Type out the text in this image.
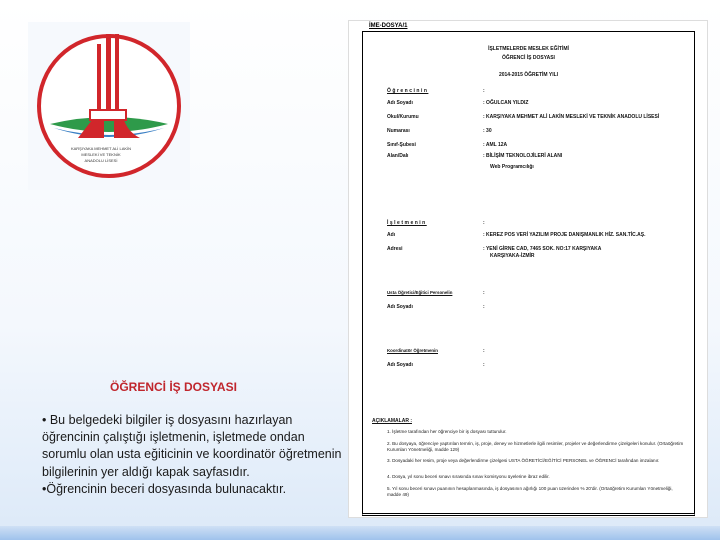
KARŞIYAKA MEHMET ALİ LAKİN
MESLEKİ VE TEKNİK
ANADOLU LİSESİ
ÖĞRENCİ İŞ DOSYASI
• Bu belgedeki bilgiler iş dosyasını hazırlayan öğrencinin çalıştığı işletmenin, işletmede ondan sorumlu olan usta eğiticinin ve koordinatör öğretmenin bilgilerinin yer aldığı kapak sayfasıdır.
•Öğrencinin beceri dosyasında bulunacaktır.
İME-DOSYA/1
İŞLETMELERDE MESLEK EĞİTİMİ
ÖĞRENCİ İŞ DOSYASI
2014-2015 ÖĞRETİM YILI
Öğrencinin	:
Adı Soyadı	: OĞULCAN YILDIZ
Okul/Kurumu	: KARŞIYAKA MEHMET ALİ LAKİN MESLEKİ VE TEKNİK ANADOLU LİSESİ
Numarası	: 30
Sınıf-Şubesi	: AML 12A
Alan/Dalı	: BİLİŞİM TEKNOLOJİLERİ ALANI
Web Programcılığı
İşletmenin	:
Adı	: KEREZ POS VERİ YAZILIM PROJE DANIŞMANLIK HİZ. SAN.TİC.AŞ.
Adresi	: YENİ GİRNE CAD, 7465 SOK. NO:17 KARŞIYAKA
KARŞIYAKA-İZMİR
Usta Öğretici/Eğitici Personelin	:
Adı Soyadı	:
Koordinatör Öğretmenin	:
Adı Soyadı	:
AÇIKLAMALAR :
1. İşletme tarafından her öğrenciye bir iş dosyası tutturulur.
2. Bu dosyaya, öğrenciye yaptırılan temrin, iş, proje, deney ve hizmetlerle ilgili resimler, projeler ve değerlendirme çizelgeleri konulur. (Ortaöğretim Kurumları Yönetmeliği, madde 129)
3. Dosyadaki her resim, proje veya değerlendirme çizelgesi USTA ÖĞRETİCİ/EĞİTİCİ PERSONEL ve ÖĞRENCİ tarafından imzalanır.
4. Dosya, yıl sonu beceri sınavı sırasında sınav komisyonu üyelerine ibraz edilir.
5. Yıl sonu beceri sınavı puanının hesaplanmasında, iş dosyasının ağırlığı 100 puan üzerinden % 20'dir. (Ortaöğretim Kurumları Yönetmeliği, madde 49)
